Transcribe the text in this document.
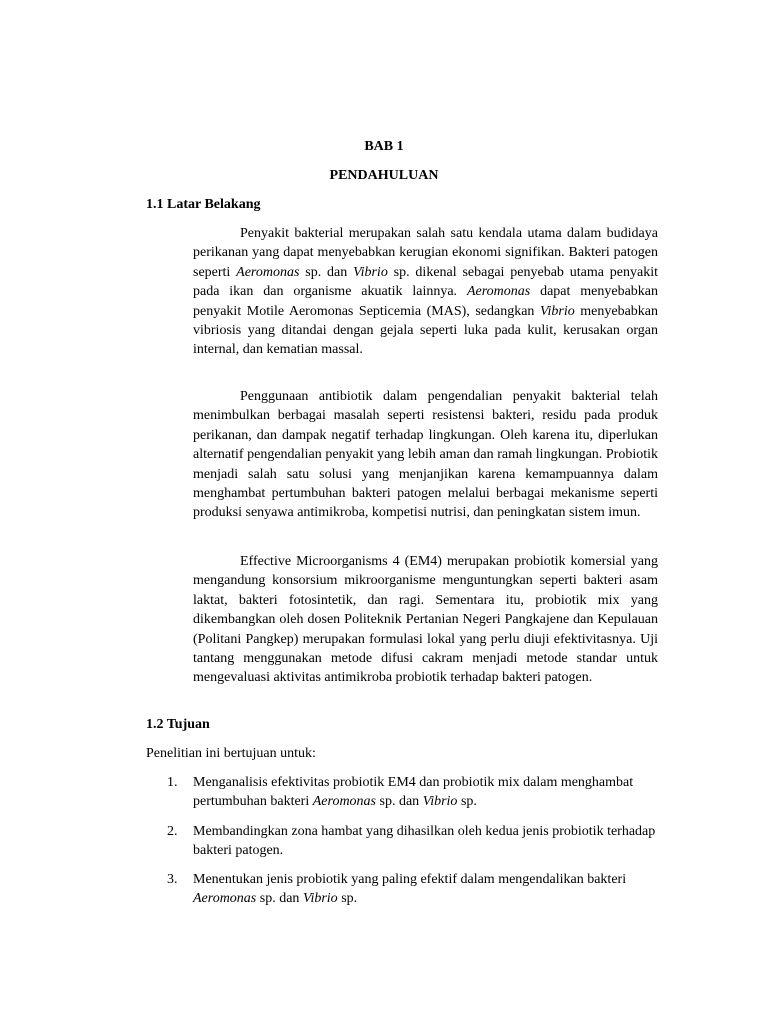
BAB 1
PENDAHULUAN
1.1 Latar Belakang

Penyakit bakterial merupakan salah satu kendala utama dalam budidaya perikanan yang dapat menyebabkan kerugian ekonomi signifikan. Bakteri patogen seperti Aeromonas sp. dan Vibrio sp. dikenal sebagai penyebab utama penyakit pada ikan dan organisme akuatik lainnya. Aeromonas dapat menyebabkan penyakit Motile Aeromonas Septicemia (MAS), sedangkan Vibrio menyebabkan vibriosis yang ditandai dengan gejala seperti luka pada kulit, kerusakan organ internal, dan kematian massal.

Penggunaan antibiotik dalam pengendalian penyakit bakterial telah menimbulkan berbagai masalah seperti resistensi bakteri, residu pada produk perikanan, dan dampak negatif terhadap lingkungan. Oleh karena itu, diperlukan alternatif pengendalian penyakit yang lebih aman dan ramah lingkungan. Probiotik menjadi salah satu solusi yang menjanjikan karena kemampuannya dalam menghambat pertumbuhan bakteri patogen melalui berbagai mekanisme seperti produksi senyawa antimikroba, kompetisi nutrisi, dan peningkatan sistem imun.

Effective Microorganisms 4 (EM4) merupakan probiotik komersial yang mengandung konsorsium mikroorganisme menguntungkan seperti bakteri asam laktat, bakteri fotosintetik, dan ragi. Sementara itu, probiotik mix yang dikembangkan oleh dosen Politeknik Pertanian Negeri Pangkajene dan Kepulauan (Politani Pangkep) merupakan formulasi lokal yang perlu diuji efektivitasnya. Uji tantang menggunakan metode difusi cakram menjadi metode standar untuk mengevaluasi aktivitas antimikroba probiotik terhadap bakteri patogen.

1.2 Tujuan
Penelitian ini bertujuan untuk:
1. Menganalisis efektivitas probiotik EM4 dan probiotik mix dalam menghambat pertumbuhan bakteri Aeromonas sp. dan Vibrio sp.
2. Membandingkan zona hambat yang dihasilkan oleh kedua jenis probiotik terhadap bakteri patogen.
3. Menentukan jenis probiotik yang paling efektif dalam mengendalikan bakteri Aeromonas sp. dan Vibrio sp.
